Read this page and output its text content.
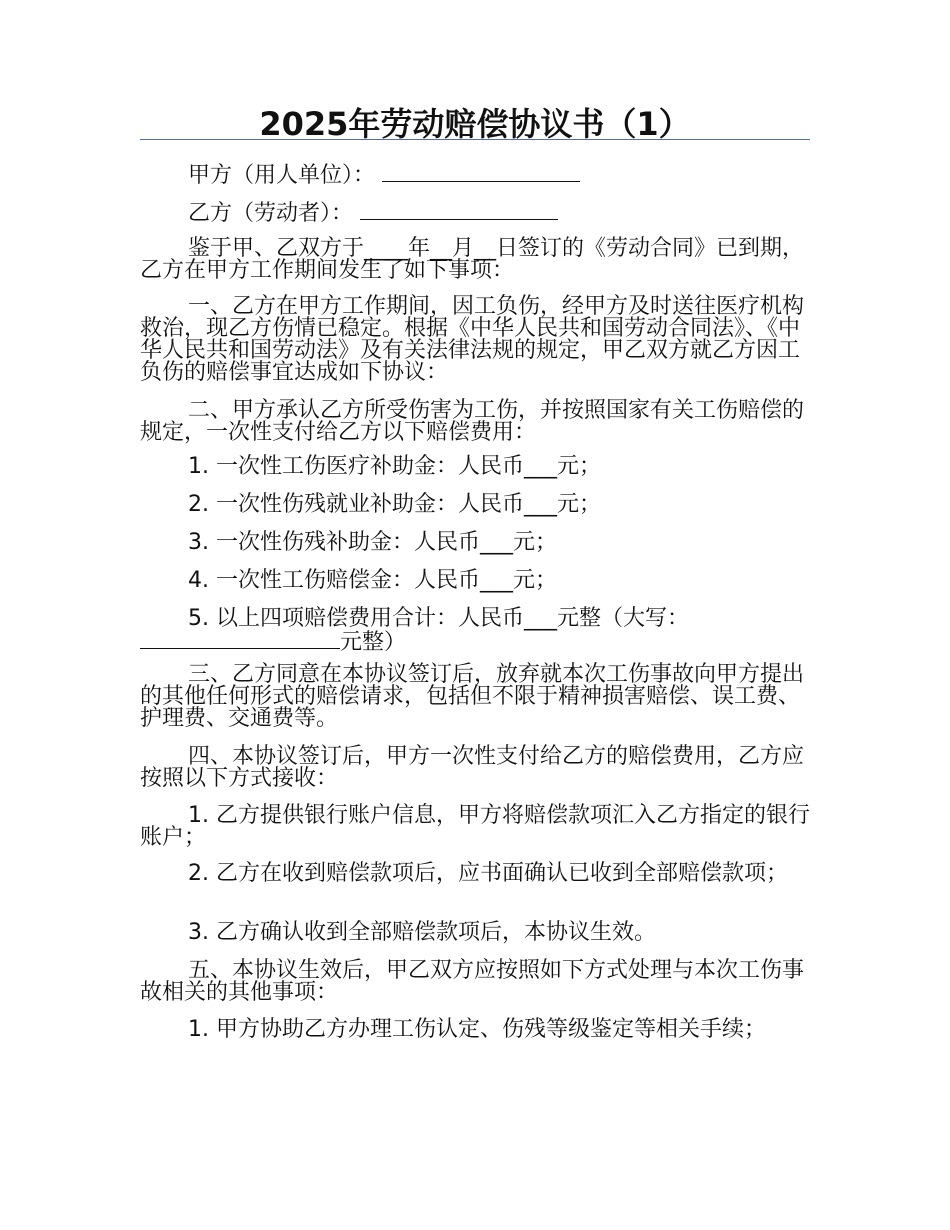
2025年劳动赔偿协议书（1）
甲方（用人单位）：
乙方（劳动者）：
鉴于甲、乙双方于____年__月__日签订的《劳动合同》已到期，乙方在甲方工作期间发生了如下事项：
一、乙方在甲方工作期间，因工负伤，经甲方及时送往医疗机构救治，现乙方伤情已稳定。根据《中华人民共和国劳动合同法》、《中华人民共和国劳动法》及有关法律法规的规定，甲乙双方就乙方因工负伤的赔偿事宜达成如下协议：
二、甲方承认乙方所受伤害为工伤，并按照国家有关工伤赔偿的规定，一次性支付给乙方以下赔偿费用：
1. 一次性工伤医疗补助金：人民币___元；
2. 一次性伤残就业补助金：人民币___元；
3. 一次性伤残补助金：人民币___元；
4. 一次性工伤赔偿金：人民币___元；
5. 以上四项赔偿费用合计：人民币___元整（大写：元整）
三、乙方同意在本协议签订后，放弃就本次工伤事故向甲方提出的其他任何形式的赔偿请求，包括但不限于精神损害赔偿、误工费、护理费、交通费等。
四、本协议签订后，甲方一次性支付给乙方的赔偿费用，乙方应按照以下方式接收：
1. 乙方提供银行账户信息，甲方将赔偿款项汇入乙方指定的银行账户；
2. 乙方在收到赔偿款项后，应书面确认已收到全部赔偿款项；
3. 乙方确认收到全部赔偿款项后，本协议生效。
五、本协议生效后，甲乙双方应按照如下方式处理与本次工伤事故相关的其他事项：
1. 甲方协助乙方办理工伤认定、伤残等级鉴定等相关手续；
